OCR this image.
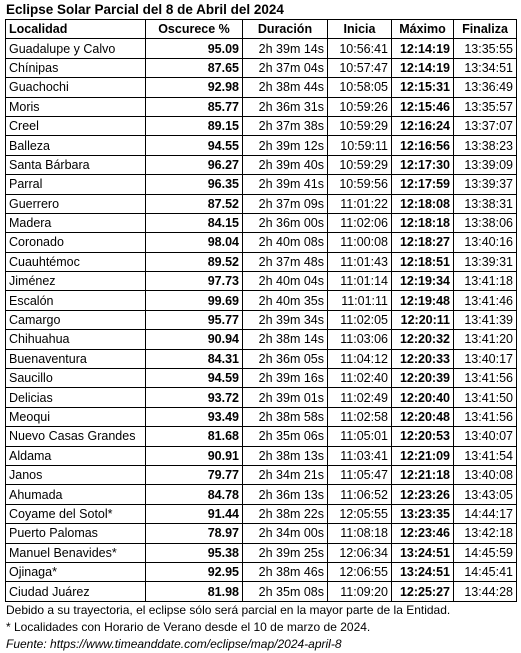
Eclipse Solar Parcial del 8 de Abril del 2024
Localidad	Oscurece %	Duración	Inicia	Máximo	Finaliza
Guadalupe y Calvo	95.09	2h 39m 14s	10:56:41	12:14:19	13:35:55
Chínipas	87.65	2h 37m 04s	10:57:47	12:14:19	13:34:51
Guachochi	92.98	2h 38m 44s	10:58:05	12:15:31	13:36:49
Moris	85.77	2h 36m 31s	10:59:26	12:15:46	13:35:57
Creel	89.15	2h 37m 38s	10:59:29	12:16:24	13:37:07
Balleza	94.55	2h 39m 12s	10:59:11	12:16:56	13:38:23
Santa Bárbara	96.27	2h 39m 40s	10:59:29	12:17:30	13:39:09
Parral	96.35	2h 39m 41s	10:59:56	12:17:59	13:39:37
Guerrero	87.52	2h 37m 09s	11:01:22	12:18:08	13:38:31
Madera	84.15	2h 36m 00s	11:02:06	12:18:18	13:38:06
Coronado	98.04	2h 40m 08s	11:00:08	12:18:27	13:40:16
Cuauhtémoc	89.52	2h 37m 48s	11:01:43	12:18:51	13:39:31
Jiménez	97.73	2h 40m 04s	11:01:14	12:19:34	13:41:18
Escalón	99.69	2h 40m 35s	11:01:11	12:19:48	13:41:46
Camargo	95.77	2h 39m 34s	11:02:05	12:20:11	13:41:39
Chihuahua	90.94	2h 38m 14s	11:03:06	12:20:32	13:41:20
Buenaventura	84.31	2h 36m 05s	11:04:12	12:20:33	13:40:17
Saucillo	94.59	2h 39m 16s	11:02:40	12:20:39	13:41:56
Delicias	93.72	2h 39m 01s	11:02:49	12:20:40	13:41:50
Meoqui	93.49	2h 38m 58s	11:02:58	12:20:48	13:41:56
Nuevo Casas Grandes	81.68	2h 35m 06s	11:05:01	12:20:53	13:40:07
Aldama	90.91	2h 38m 13s	11:03:41	12:21:09	13:41:54
Janos	79.77	2h 34m 21s	11:05:47	12:21:18	13:40:08
Ahumada	84.78	2h 36m 13s	11:06:52	12:23:26	13:43:05
Coyame del Sotol*	91.44	2h 38m 22s	12:05:55	13:23:35	14:44:17
Puerto Palomas	78.97	2h 34m 00s	11:08:18	12:23:46	13:42:18
Manuel Benavides*	95.38	2h 39m 25s	12:06:34	13:24:51	14:45:59
Ojinaga*	92.95	2h 38m 46s	12:06:55	13:24:51	14:45:41
Ciudad Juárez	81.98	2h 35m 08s	11:09:20	12:25:27	13:44:28
Debido a su trayectoria, el eclipse sólo será parcial en la mayor parte de la Entidad.
* Localidades con Horario de Verano desde el 10 de marzo de 2024.
Fuente: https://www.timeanddate.com/eclipse/map/2024-april-8
